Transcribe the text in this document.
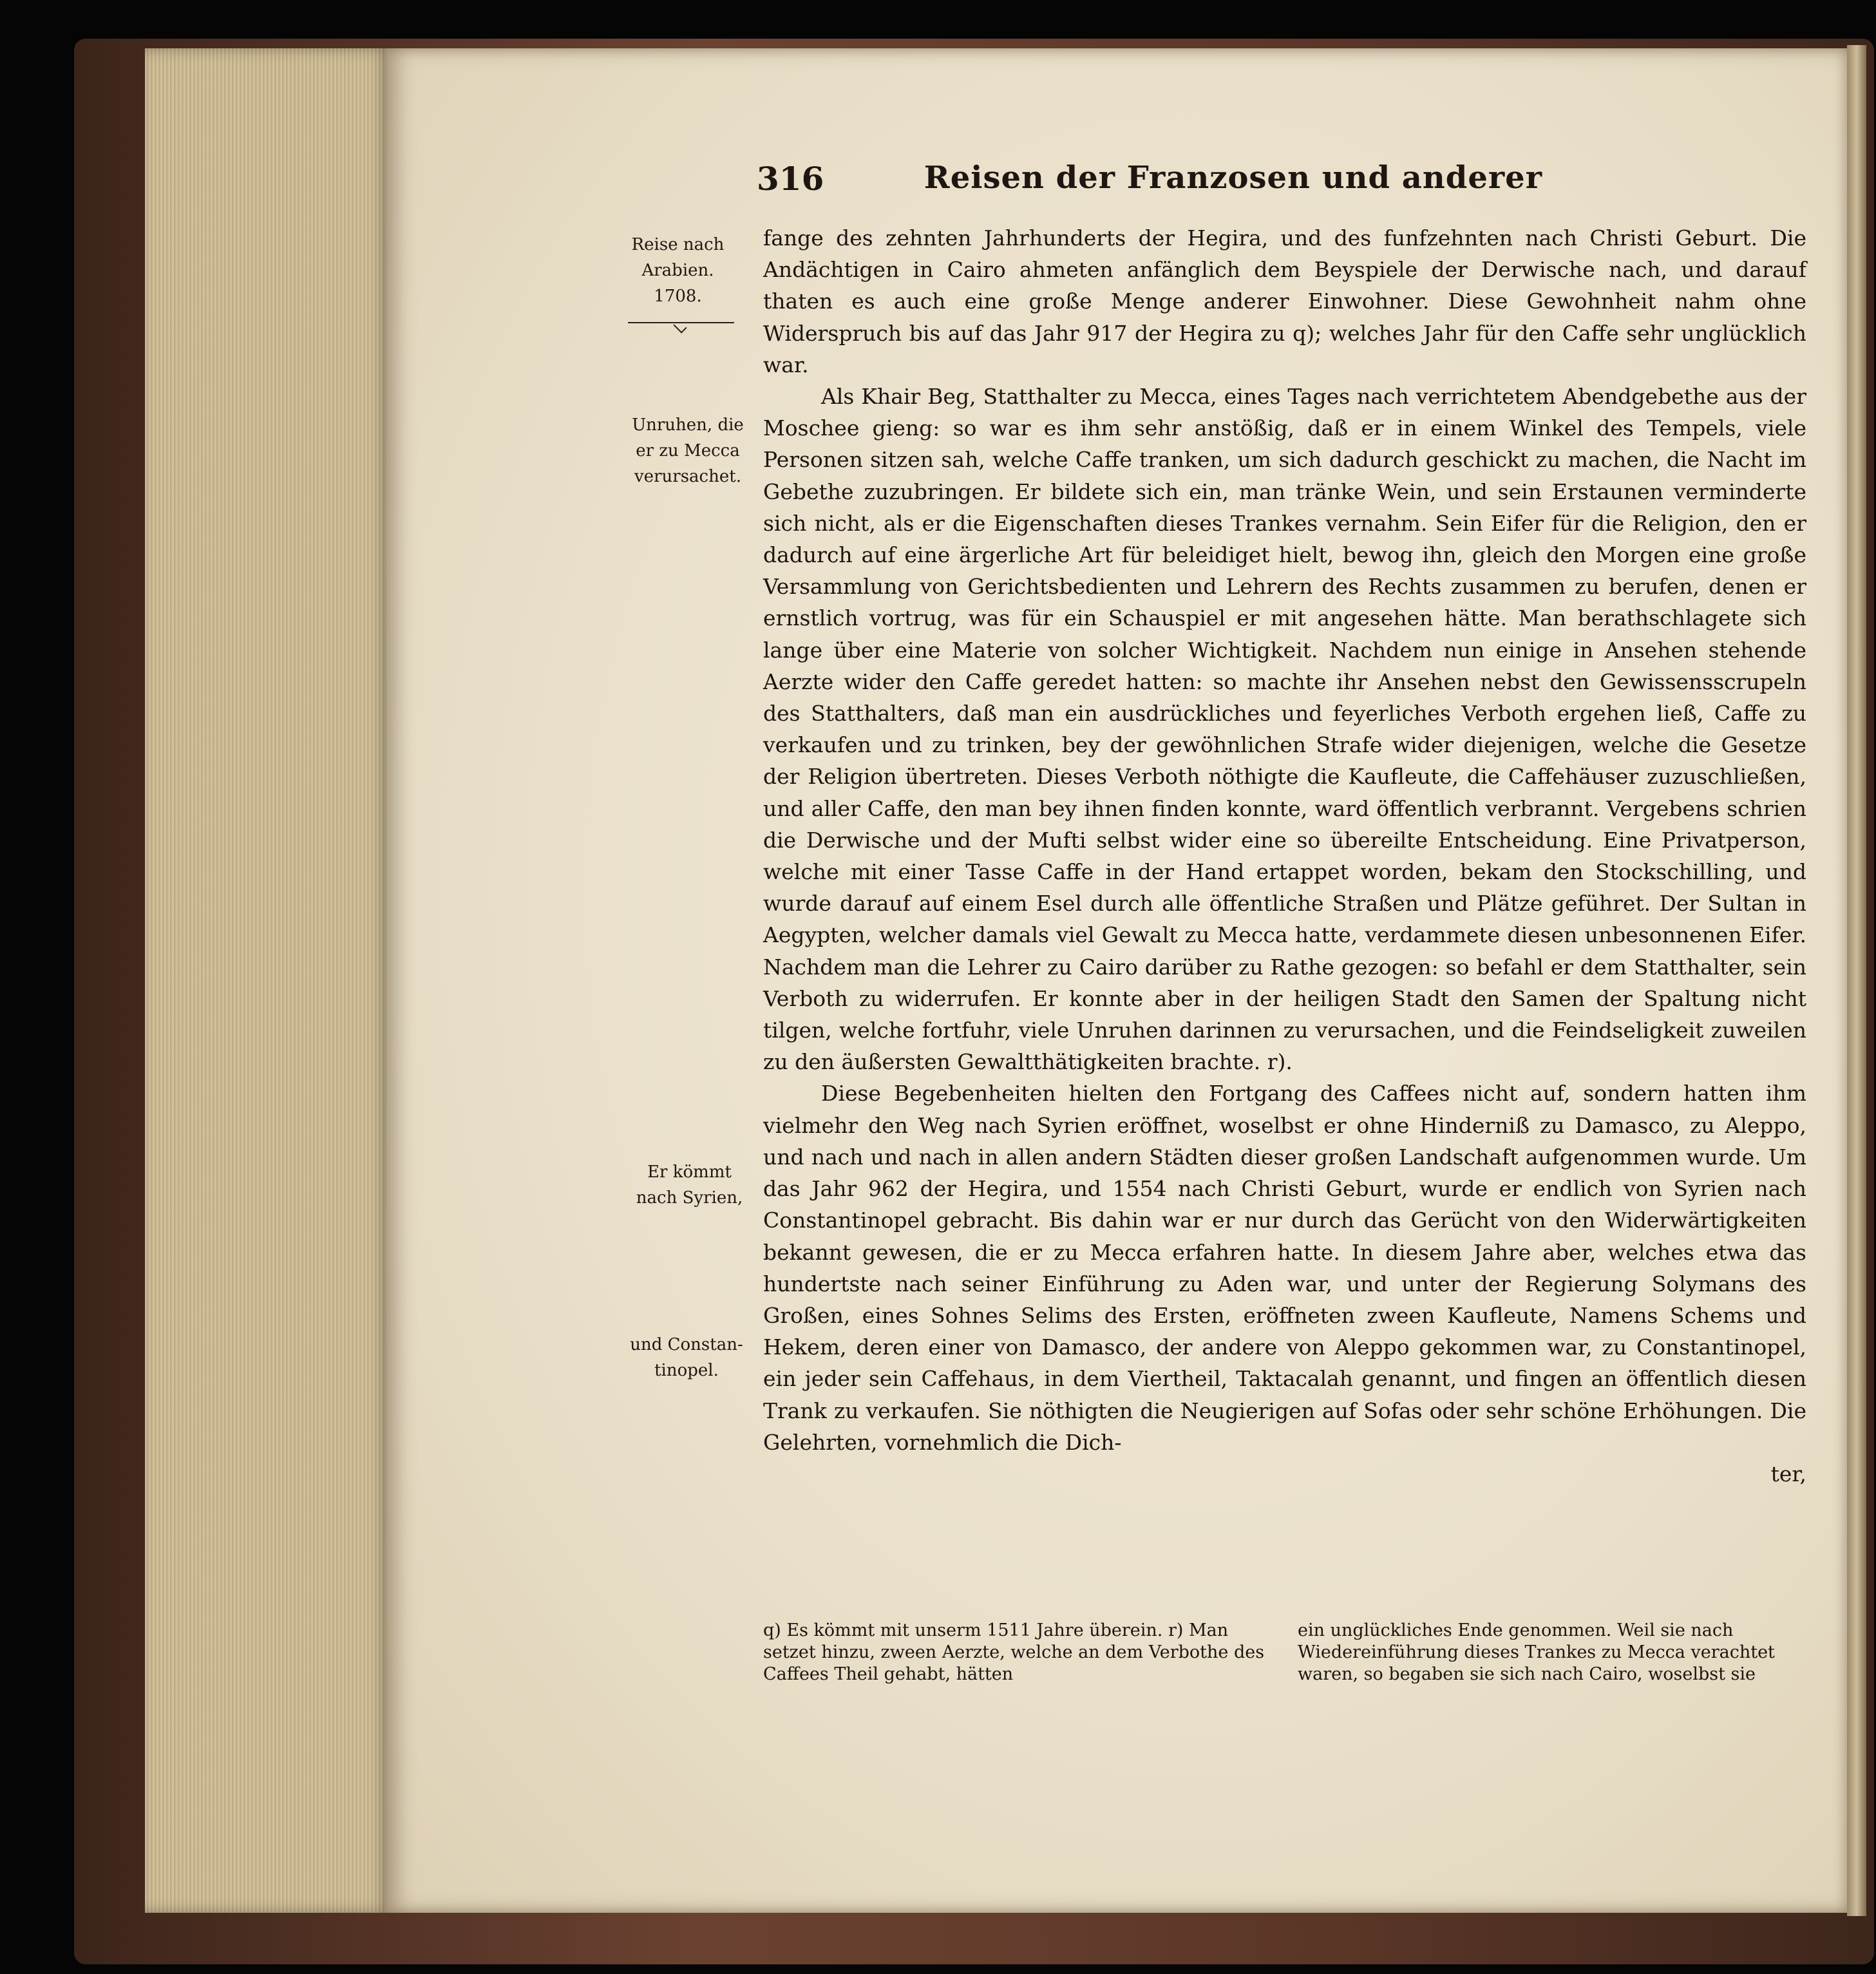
316	Reisen der Franzosen und anderer
Reise nach
Arabien.
1708.
Unruhen, die
er zu Mecca
verursachet.
Er kömmt
nach Syrien,
und Constan-
tinopel.

fange des zehnten Jahrhunderts der Hegira, und des funfzehnten nach Christi Geburt. Die Andächtigen in Cairo ahmeten anfänglich dem Beyspiele der Derwische nach, und darauf thaten es auch eine große Menge anderer Einwohner. Diese Gewohnheit nahm ohne Widerspruch bis auf das Jahr 917 der Hegira zu q); welches Jahr für den Caffe sehr unglücklich war.

Als Khair Beg, Statthalter zu Mecca, eines Tages nach verrichtetem Abendgebethe aus der Moschee gieng: so war es ihm sehr anstößig, daß er in einem Winkel des Tempels, viele Personen sitzen sah, welche Caffe tranken, um sich dadurch geschickt zu machen, die Nacht im Gebethe zuzubringen. Er bildete sich ein, man tränke Wein, und sein Erstaunen verminderte sich nicht, als er die Eigenschaften dieses Trankes vernahm. Sein Eifer für die Religion, den er dadurch auf eine ärgerliche Art für beleidiget hielt, bewog ihn, gleich den Morgen eine große Versammlung von Gerichtsbedienten und Lehrern des Rechts zusammen zu berufen, denen er ernstlich vortrug, was für ein Schauspiel er mit angesehen hätte. Man berathschlagete sich lange über eine Materie von solcher Wichtigkeit. Nachdem nun einige in Ansehen stehende Aerzte wider den Caffe geredet hatten: so machte ihr Ansehen nebst den Gewissensscrupeln des Statthalters, daß man ein ausdrückliches und feyerliches Verboth ergehen ließ, Caffe zu verkaufen und zu trinken, bey der gewöhnlichen Strafe wider diejenigen, welche die Gesetze der Religion übertreten. Dieses Verboth nöthigte die Kaufleute, die Caffehäuser zuzuschließen, und aller Caffe, den man bey ihnen finden konnte, ward öffentlich verbrannt. Vergebens schrien die Derwische und der Mufti selbst wider eine so übereilte Entscheidung. Eine Privatperson, welche mit einer Tasse Caffe in der Hand ertappet worden, bekam den Stockschilling, und wurde darauf auf einem Esel durch alle öffentliche Straßen und Plätze geführet. Der Sultan in Aegypten, welcher damals viel Gewalt zu Mecca hatte, verdammete diesen unbesonnenen Eifer. Nachdem man die Lehrer zu Cairo darüber zu Rathe gezogen: so befahl er dem Statthalter, sein Verboth zu widerrufen. Er konnte aber in der heiligen Stadt den Samen der Spaltung nicht tilgen, welche fortfuhr, viele Unruhen darinnen zu verursachen, und die Feindseligkeit zuweilen zu den äußersten Gewaltthätigkeiten brachte. r).

Diese Begebenheiten hielten den Fortgang des Caffees nicht auf, sondern hatten ihm vielmehr den Weg nach Syrien eröffnet, woselbst er ohne Hinderniß zu Damasco, zu Aleppo, und nach und nach in allen andern Städten dieser großen Landschaft aufgenommen wurde. Um das Jahr 962 der Hegira, und 1554 nach Christi Geburt, wurde er endlich von Syrien nach Constantinopel gebracht. Bis dahin war er nur durch das Gerücht von den Widerwärtigkeiten bekannt gewesen, die er zu Mecca erfahren hatte. In diesem Jahre aber, welches etwa das hundertste nach seiner Einführung zu Aden war, und unter der Regierung Solymans des Großen, eines Sohnes Selims des Ersten, eröffneten zween Kaufleute, Namens Schems und Hekem, deren einer von Damasco, der andere von Aleppo gekommen war, zu Constantinopel, ein jeder sein Caffehaus, in dem Viertheil, Taktacalah genannt, und fingen an öffentlich diesen Trank zu verkaufen. Sie nöthigten die Neugierigen auf Sofas oder sehr schöne Erhöhungen. Die Gelehrten, vornehmlich die Dich-

ter,

q) Es kömmt mit unserm 1511 Jahre überein. r) Man setzet hinzu, zween Aerzte, welche an dem Verbothe des Caffees Theil gehabt, hätten
ein unglückliches Ende genommen. Weil sie nach Wiedereinführung dieses Trankes zu Mecca verachtet waren, so begaben sie sich nach Cairo, woselbst sie
